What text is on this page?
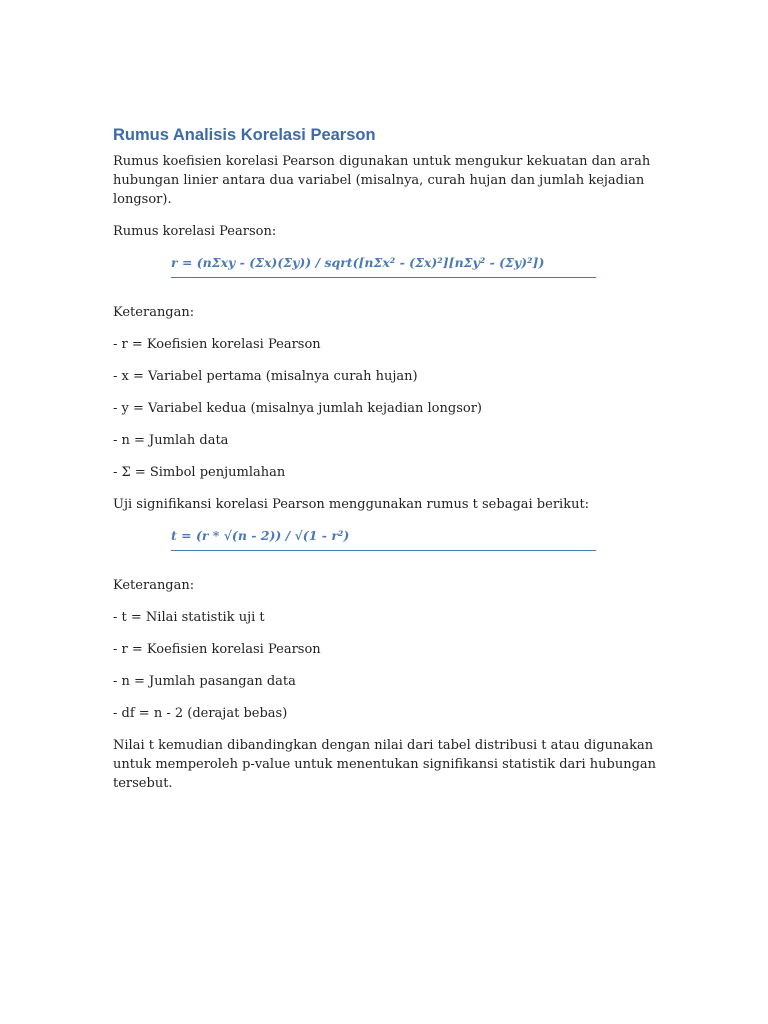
Rumus Analisis Korelasi Pearson

Rumus koefisien korelasi Pearson digunakan untuk mengukur kekuatan dan arah hubungan linier antara dua variabel (misalnya, curah hujan dan jumlah kejadian longsor).

Rumus korelasi Pearson:

r = (nΣxy - (Σx)(Σy)) / sqrt([nΣx² - (Σx)²][nΣy² - (Σy)²])

Keterangan:

- r = Koefisien korelasi Pearson

- x = Variabel pertama (misalnya curah hujan)

- y = Variabel kedua (misalnya jumlah kejadian longsor)

- n = Jumlah data

- Σ = Simbol penjumlahan

Uji signifikansi korelasi Pearson menggunakan rumus t sebagai berikut:

t = (r * √(n - 2)) / √(1 - r²)

Keterangan:

- t = Nilai statistik uji t

- r = Koefisien korelasi Pearson

- n = Jumlah pasangan data

- df = n - 2 (derajat bebas)

Nilai t kemudian dibandingkan dengan nilai dari tabel distribusi t atau digunakan untuk memperoleh p-value untuk menentukan signifikansi statistik dari hubungan tersebut.
